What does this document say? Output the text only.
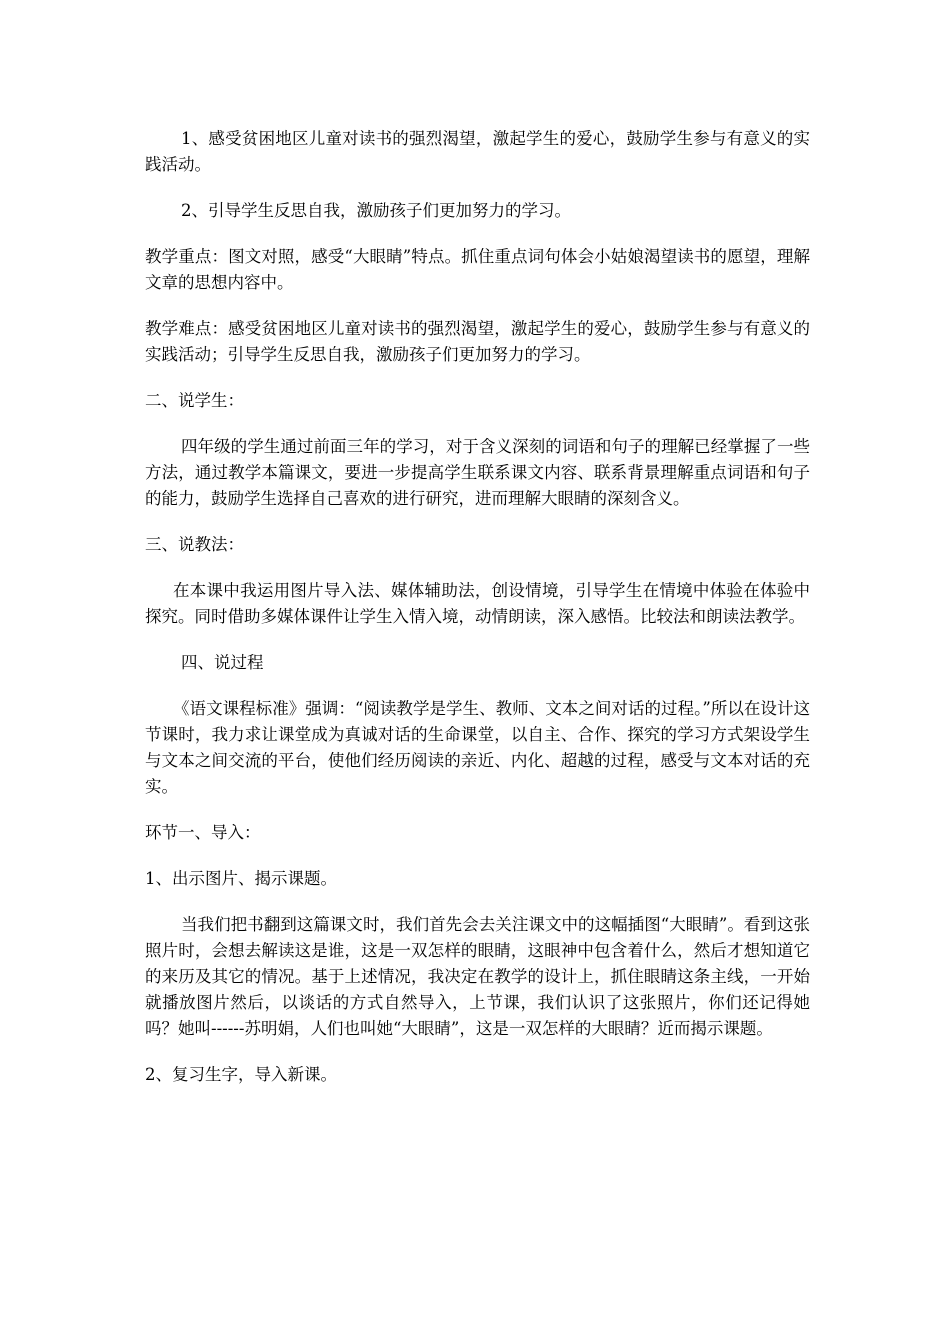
1、感受贫困地区儿童对读书的强烈渴望，激起学生的爱心，鼓励学生参与有意义的实践活动。

2、引导学生反思自我，激励孩子们更加努力的学习。

教学重点：图文对照，感受“大眼睛”特点。抓住重点词句体会小姑娘渴望读书的愿望，理解文章的思想内容中。

教学难点：感受贫困地区儿童对读书的强烈渴望，激起学生的爱心，鼓励学生参与有意义的实践活动；引导学生反思自我，激励孩子们更加努力的学习。

二、说学生：

四年级的学生通过前面三年的学习，对于含义深刻的词语和句子的理解已经掌握了一些方法，通过教学本篇课文，要进一步提高学生联系课文内容、联系背景理解重点词语和句子的能力，鼓励学生选择自己喜欢的进行研究，进而理解大眼睛的深刻含义。

三、说教法：

在本课中我运用图片导入法、媒体辅助法，创设情境，引导学生在情境中体验在体验中探究。同时借助多媒体课件让学生入情入境，动情朗读，深入感悟。比较法和朗读法教学。

四、说过程

《语文课程标准》强调：“阅读教学是学生、教师、文本之间对话的过程。”所以在设计这节课时，我力求让课堂成为真诚对话的生命课堂，以自主、合作、探究的学习方式架设学生与文本之间交流的平台，使他们经历阅读的亲近、内化、超越的过程，感受与文本对话的充实。

环节一、导入：

1、出示图片、揭示课题。

当我们把书翻到这篇课文时，我们首先会去关注课文中的这幅插图“大眼睛”。看到这张照片时，会想去解读这是谁，这是一双怎样的眼睛，这眼神中包含着什么，然后才想知道它的来历及其它的情况。基于上述情况，我决定在教学的设计上，抓住眼睛这条主线，一开始就播放图片然后，以谈话的方式自然导入，上节课，我们认识了这张照片，你们还记得她吗？她叫------苏明娟，人们也叫她“大眼睛”，这是一双怎样的大眼睛？近而揭示课题。

2、复习生字，导入新课。
